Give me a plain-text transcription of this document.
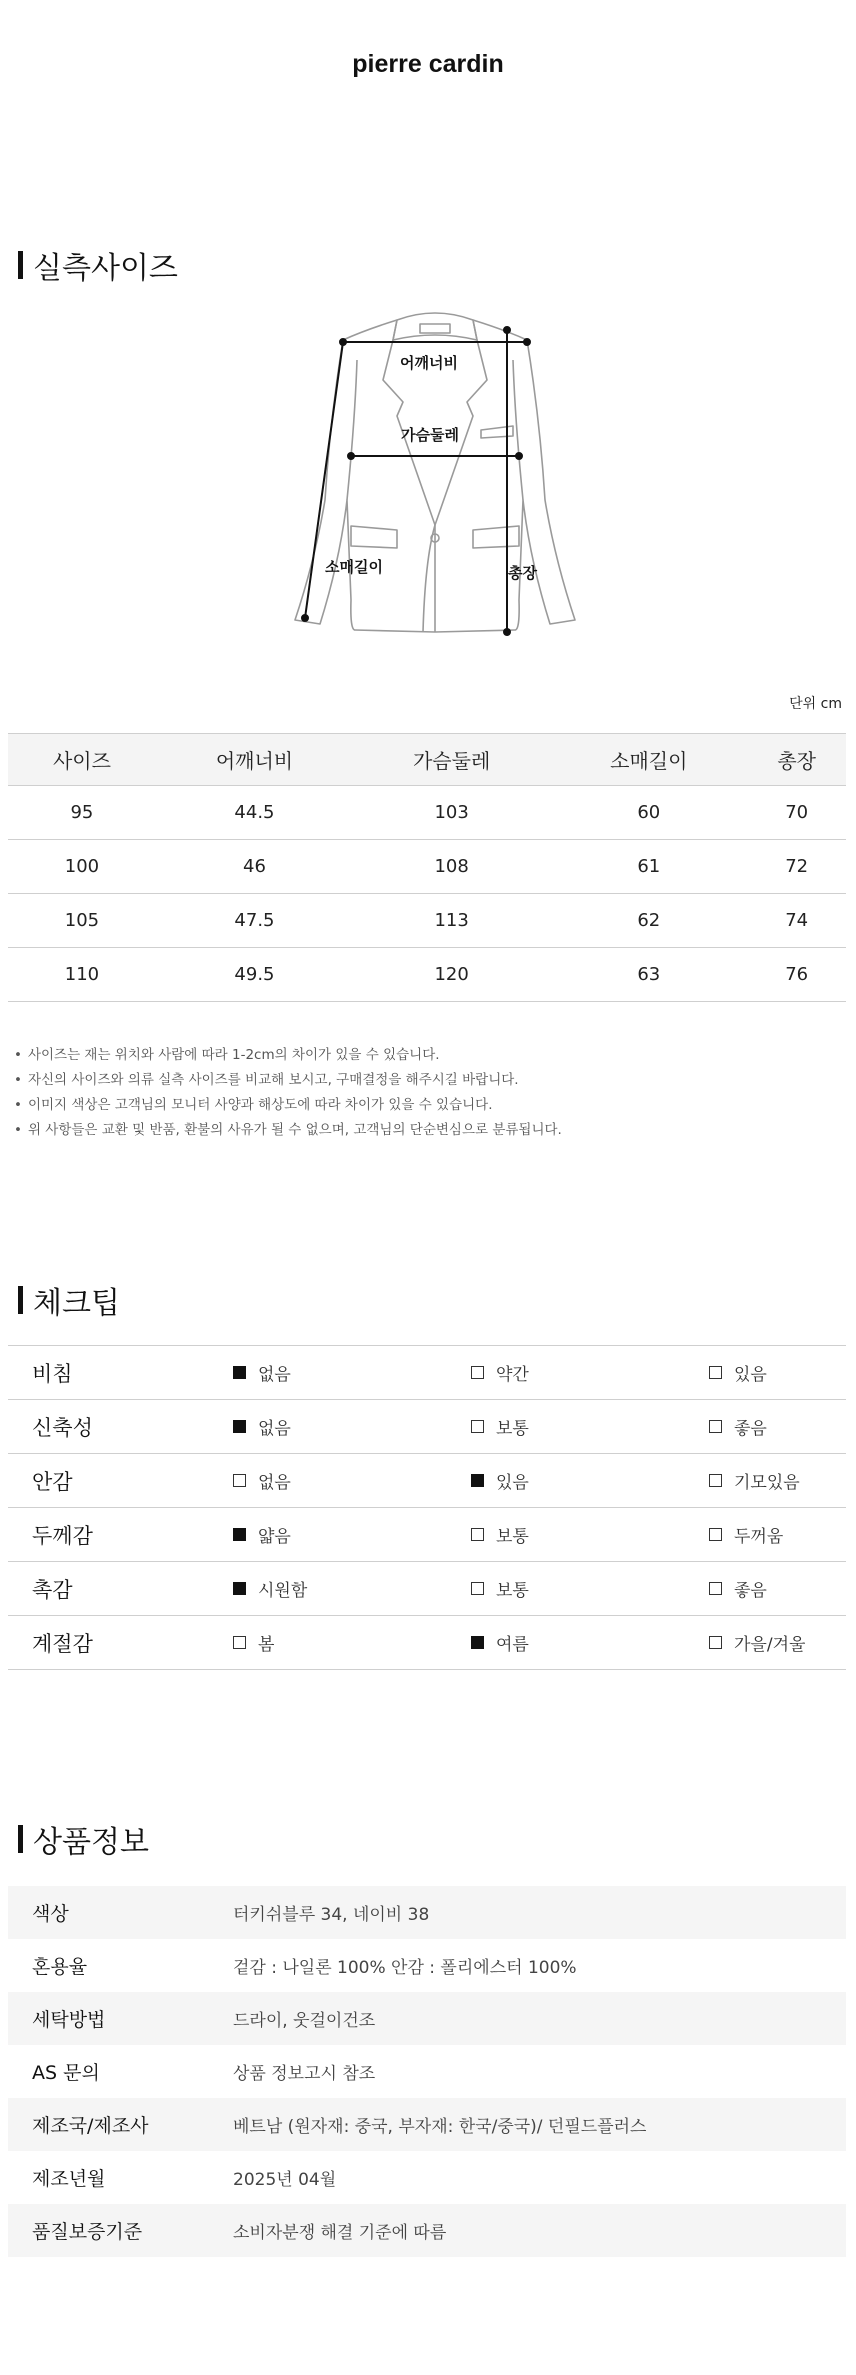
pierre cardin
실측사이즈
어깨너비
가슴둘레
소매길이	총장
단위 cm
사이즈	어깨너비	가슴둘레	소매길이	총장
95	44.5	103	60	70
100	46	108	61	72
105	47.5	113	62	74
110	49.5	120	63	76
• 사이즈는 재는 위치와 사람에 따라 1-2cm의 차이가 있을 수 있습니다.
• 자신의 사이즈와 의류 실측 사이즈를 비교해 보시고, 구매결정을 해주시길 바랍니다.
• 이미지 색상은 고객님의 모니터 사양과 해상도에 따라 차이가 있을 수 있습니다.
• 위 사항들은 교환 및 반품, 환불의 사유가 될 수 없으며, 고객님의 단순변심으로 분류됩니다.
체크팁
비침	없음	약간	있음

신축성	없음	보통	좋음

안감	없음	있음	기모있음

두께감	얇음	보통	두꺼움

촉감	시원함	보통	좋음

계절감	봄	여름	가을/겨울
상품정보
색상	터키쉬블루 34, 네이비 38
혼용율	겉감 : 나일론 100% 안감 : 폴리에스터 100%
세탁방법	드라이, 웃걸이건조
AS 문의	상품 정보고시 참조
제조국/제조사	베트남 (원자재: 중국, 부자재: 한국/중국)/ 던필드플러스
제조년월	2025년 04월
품질보증기준	소비자분쟁 해결 기준에 따름
